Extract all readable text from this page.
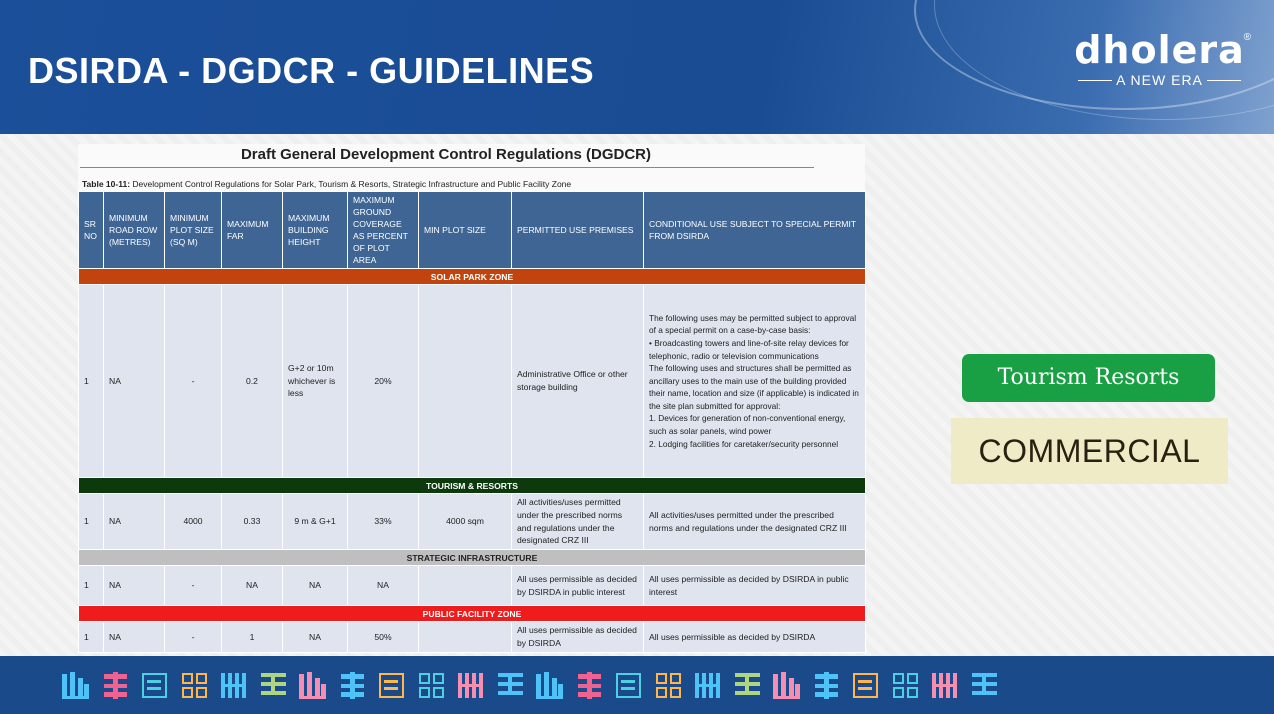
DSIRDA - DGDCR - GUIDELINES	dholera
®
A NEW ERA
Draft General Development Control Regulations (DGDCR)
Table 10-11: Development Control Regulations for Solar Park, Tourism & Resorts, Strategic Infrastructure and Public Facility Zone
SR NO	MINIMUM ROAD ROW (METRES)	MINIMUM PLOT SIZE (SQ M)	MAXIMUM FAR	MAXIMUM BUILDING HEIGHT	MAXIMUM GROUND COVERAGE AS PERCENT OF PLOT AREA	MIN PLOT SIZE	PERMITTED USE PREMISES	CONDITIONAL USE SUBJECT TO SPECIAL PERMIT FROM DSIRDA
SOLAR PARK ZONE								
1	NA	-	0.2	G+2 or 10m whichever is less	20%		Administrative Office or other storage building	The following uses may be permitted subject to approval of a special permit on a case-by-case basis:
• Broadcasting towers and line-of-site relay devices for telephonic, radio or television communications
The following uses and structures shall be permitted as ancillary uses to the main use of the building provided their name, location and size (if applicable) is indicated in the site plan submitted for approval:
1. Devices for generation of non-conventional energy, such as solar panels, wind power
2. Lodging facilities for caretaker/security personnel
TOURISM & RESORTS								
1	NA	4000	0.33	9 m & G+1	33%	4000 sqm	All activities/uses permitted under the prescribed norms and regulations under the designated CRZ III	All activities/uses permitted under the prescribed norms and regulations under the designated CRZ III
STRATEGIC INFRASTRUCTURE								
1	NA	-	NA	NA	NA		All uses permissible as decided by DSIRDA in public interest	All uses permissible as decided by DSIRDA in public interest
PUBLIC FACILITY ZONE								
1	NA	-	1	NA	50%		All uses permissible as decided by DSIRDA	All uses permissible as decided by DSIRDA
Tourism Resorts
COMMERCIAL
